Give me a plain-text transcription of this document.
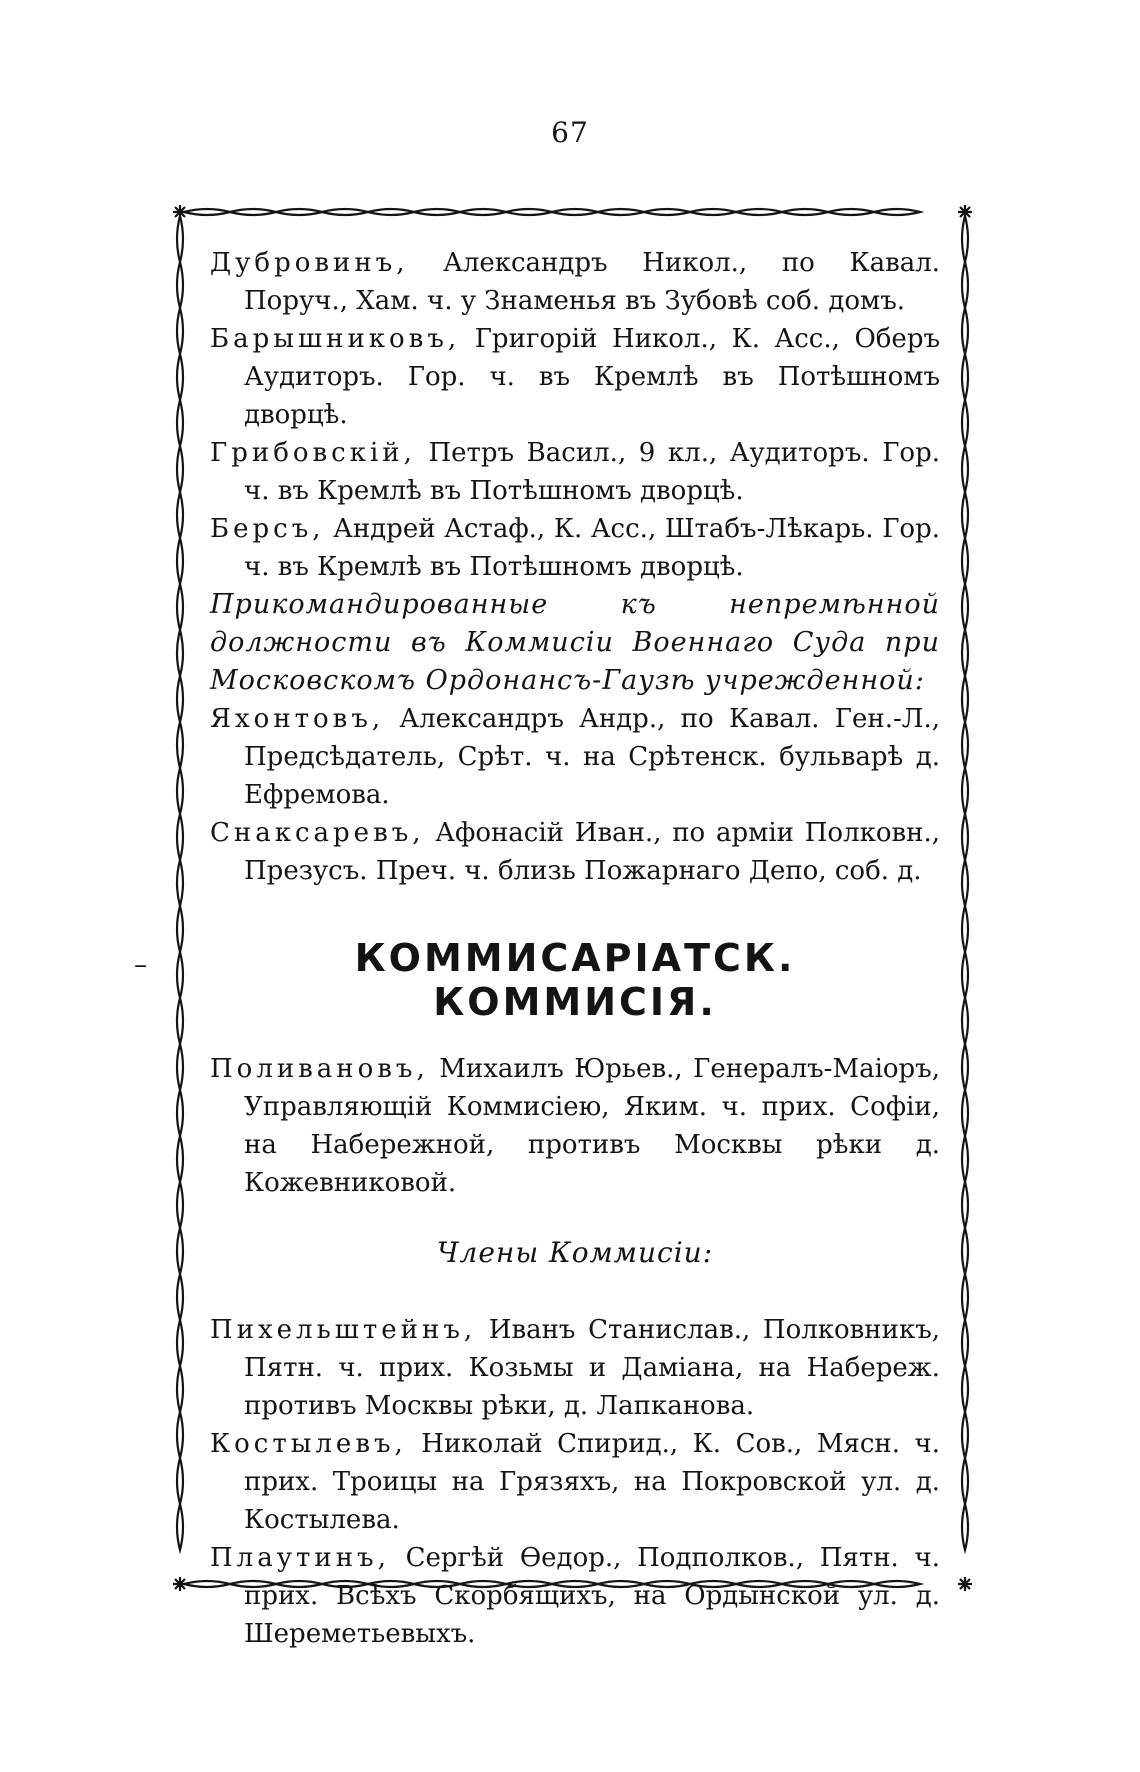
67
–

Дубровинъ, Александръ Никол., по Кавал. Поруч., Хам. ч. у Знаменья въ Зубовѣ соб. домъ.

Барышниковъ, Григорій Никол., К. Асс., Оберъ Аудиторъ. Гор. ч. въ Кремлѣ въ Потѣшномъ дворцѣ.

Грибовскій, Петръ Васил., 9 кл., Аудиторъ. Гор. ч. въ Кремлѣ въ Потѣшномъ дворцѣ.

Берсъ, Андрей Астаф., К. Асс., Штабъ-Лѣкарь. Гор. ч. въ Кремлѣ въ Потѣшномъ дворцѣ.

Прикомандированные къ непремѣнной должности въ Коммисіи Военнаго Суда при Московскомъ Ордонансъ-Гаузѣ учрежденной:

Яхонтовъ, Александръ Андр., по Кавал. Ген.-Л., Предсѣдатель, Срѣт. ч. на Срѣтенск. бульварѣ д. Ефремова.

Снаксаревъ, Афонасій Иван., по арміи Полковн., Презусъ. Преч. ч. близь Пожарнаго Депо, соб. д.

КОММИСАРІАТСК. КОММИСІЯ.

Поливановъ, Михаилъ Юрьев., Генералъ-Маіоръ, Управляющій Коммисіею, Яким. ч. прих. Софіи, на Набережной, противъ Москвы рѣки д. Кожевниковой.

Члены Коммисіи:

Пихельштейнъ, Иванъ Станислав., Полковникъ, Пятн. ч. прих. Козьмы и Даміана, на Набереж. противъ Москвы рѣки, д. Лапканова.

Костылевъ, Николай Спирид., К. Сов., Мясн. ч. прих. Троицы на Грязяхъ, на Покровской ул. д. Костылева.

Плаутинъ, Сергѣй Өедор., Подполков., Пятн. ч. прих. Всѣхъ Скорбящихъ, на Ордынской ул. д. Шереметьевыхъ.
